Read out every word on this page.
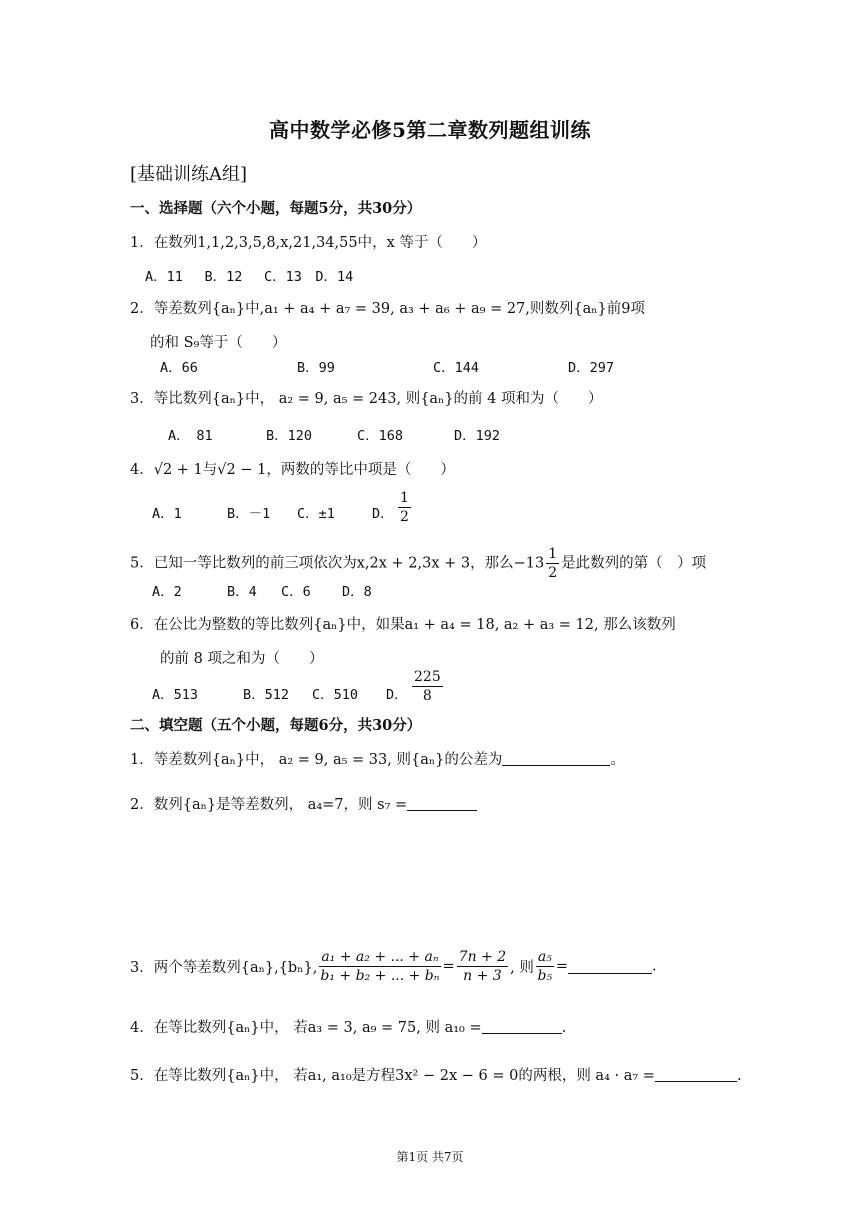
高中数学必修5第二章数列题组训练
[基础训练A组]
一、选择题（六个小题，每题5分，共30分）
1．在数列1,1,2,3,5,8,x,21,34,55中，x 等于（　　）
A．11　 B．12　 C．13　D．14
2．等差数列{aₙ}中,a₁ + a₄ + a₇ = 39, a₃ + a₆ + a₉ = 27,则数列{aₙ}前9项
的和 S₉等于（　　）
A．66	B．99	C．144	D．297
3．等比数列{aₙ}中， a₂ = 9, a₅ = 243, 则{aₙ}的前 4 项和为（　　）
A．　81	B．120	C．168	D．192
4．√2 + 1与√2 − 1，两数的等比中项是（　　）
A．1	B．－1 C．±1	D． $\frac{1}{2}$
5．已知一等比数列的前三项依次为x,2x + 2,3x + 3，那么$-13 \frac{1}{2}$ 是此数列的第（　）项
A．2	B．4 C．6 D．8
6．在公比为整数的等比数列{aₙ}中，如果a₁ + a₄ = 18, a₂ + a₃ = 12, 那么该数列
的前 8 项之和为（　　）
A．513	B．512 C．510 D． $\frac{225}{8}$
二、填空题（五个小题，每题6分，共30分）
1．等差数列{aₙ}中， a₂ = 9, a₅ = 33, 则{aₙ}的公差为	。
2．数列{aₙ}是等差数列， a₄=7，则 s₇ =
3．两个等差数列{aₙ},{bₙ}, $\frac{\text{a₁ + a₂ + ... + aₙ}}{\text{b₁ + b₂ + ... + bₙ}} = \frac{7n + 2}{n + 3}$ , 则 $\frac{\text{a₅}}{\text{b₅}}$ =	.
4．在等比数列{aₙ}中， 若a₃ = 3, a₉ = 75, 则 a₁₀ =	.
5．在等比数列{aₙ}中， 若a₁, a₁₀是方程3x² − 2x − 6 = 0的两根，则 a₄ · a₇ =	.
第1页 共7页
